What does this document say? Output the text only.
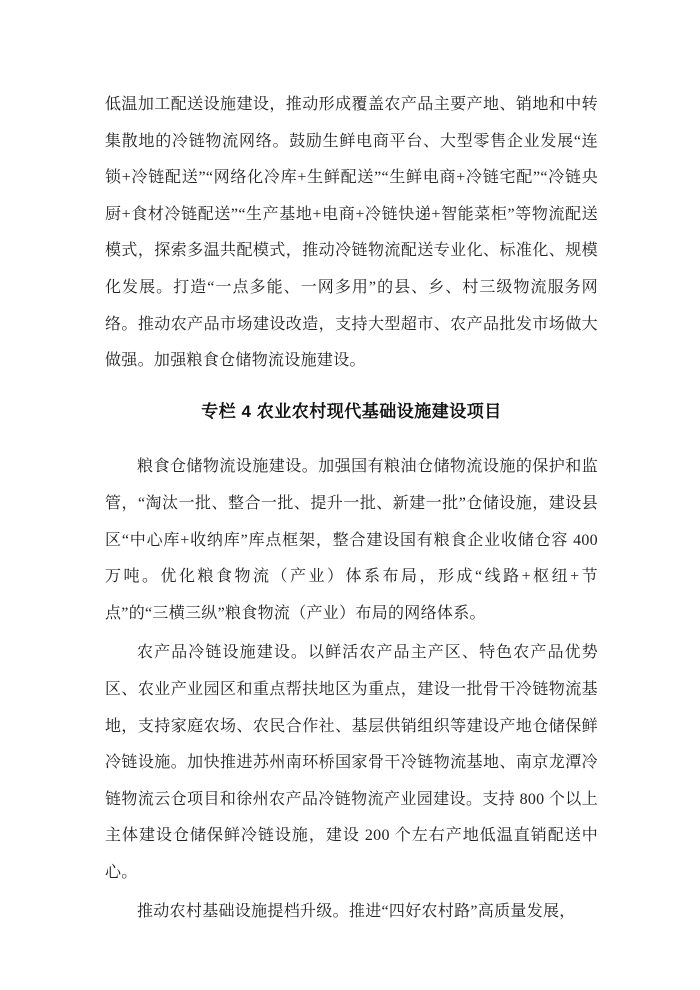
低温加工配送设施建设，推动形成覆盖农产品主要产地、销地和中转集散地的冷链物流网络。鼓励生鲜电商平台、大型零售企业发展“连锁+冷链配送”“网络化冷库+生鲜配送”“生鲜电商+冷链宅配”“冷链央厨+食材冷链配送”“生产基地+电商+冷链快递+智能菜柜”等物流配送模式，探索多温共配模式，推动冷链物流配送专业化、标准化、规模化发展。打造“一点多能、一网多用”的县、乡、村三级物流服务网络。推动农产品市场建设改造，支持大型超市、农产品批发市场做大做强。加强粮食仓储物流设施建设。

专栏 4 农业农村现代基础设施建设项目

粮食仓储物流设施建设。加强国有粮油仓储物流设施的保护和监管，“淘汰一批、整合一批、提升一批、新建一批”仓储设施，建设县区“中心库+收纳库”库点框架，整合建设国有粮食企业收储仓容 400 万吨。优化粮食物流（产业）体系布局，形成“线路+枢纽+节点”的“三横三纵”粮食物流（产业）布局的网络体系。

农产品冷链设施建设。以鲜活农产品主产区、特色农产品优势区、农业产业园区和重点帮扶地区为重点，建设一批骨干冷链物流基地，支持家庭农场、农民合作社、基层供销组织等建设产地仓储保鲜冷链设施。加快推进苏州南环桥国家骨干冷链物流基地、南京龙潭冷链物流云仓项目和徐州农产品冷链物流产业园建设。支持 800 个以上主体建设仓储保鲜冷链设施，建设 200 个左右产地低温直销配送中心。

推动农村基础设施提档升级。推进“四好农村路”高质量发展，
